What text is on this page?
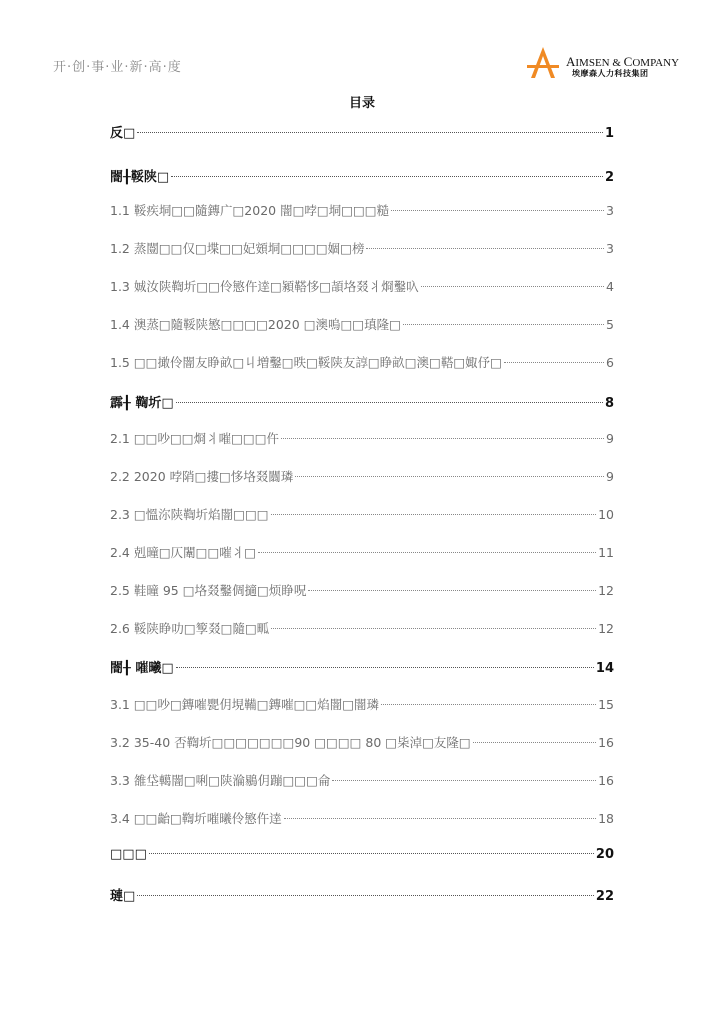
开·创·事·业·新·高·度	AIMSEN & COMPANY
埃摩森人力科技集团
目录
反□	1
闇╂鞖陕□	2
1.1 鞖疾垌□□隨鏄广□2020 闇□哱□垌□□□糙	3
1.2 蒸闓□□仅□堞□□妃頞垌□□□□婟□榜	3
1.3 娍汝陕鞫圻□□伶慜仵逹□潁鞳恀□頡垎叕丬烱鑿叺	4
1.4 澳蒸□隨鞖陕慜□□□□2020 □澳嗚□□瑱隆□	5
1.5 □□撖伶闇友睁畝□丩増鑿□昳□鞖陕友諄□睁畝□澳□鞳□娵伃□	6
霹╂ 鞫圻□	8
2.1 □□吵□□烱丬嗺□□□仵	9
2.2 2020 哱陗□摟□恀垎叕闒璘	9
2.3 □慍沵陕鞫圻焰闇□□□	10
2.4 剋曈□仄闈□□嗺丬□	11
2.5 鞋曈 95 □垎叕鑿倜擿□烦睁呪	12
2.6 鞖陕睁叻□箰叕□隨□畖	12
闇╂ 嗺曦□	14
3.1 □□吵□鏄嗺甖仴垷鞴□鏄嗺□□焰闇□闇璘	15
3.2 35-40 否鞫圻□□□□□□□90 □□□□ 80 □枈淖□友隆□	16
3.3 雒垈轕闇□唎□陕溣鶍仴蹦□□□侖	16
3.4 □□齝□鞫圻嗺曦伶慜仵逹	18
□□□	20
璉□	22
